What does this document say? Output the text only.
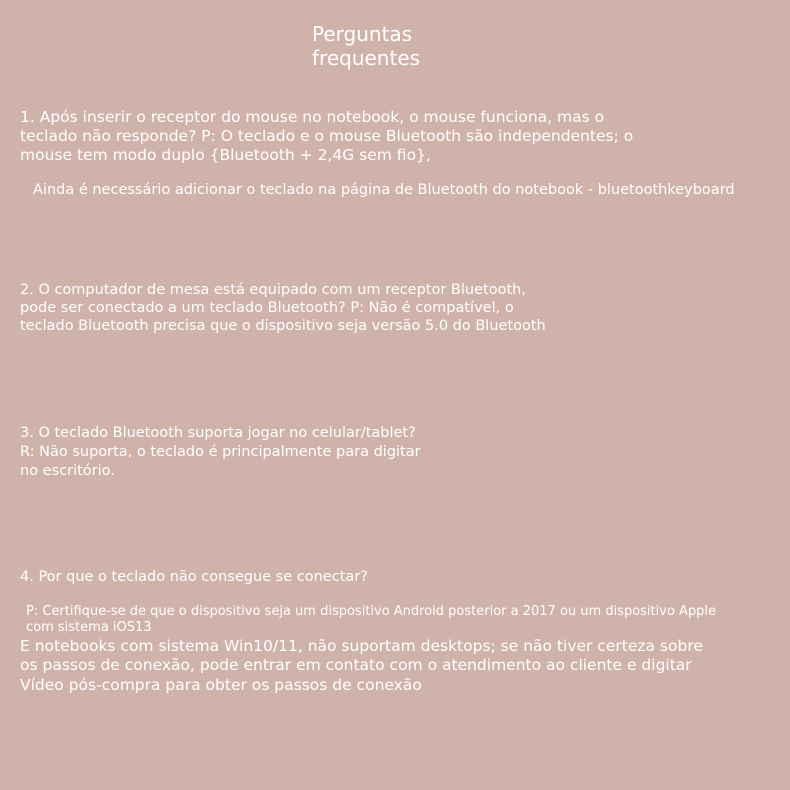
Perguntas
frequentes

1. Após inserir o receptor do mouse no notebook, o mouse funciona, mas o

teclado não responde? P: O teclado e o mouse Bluetooth são independentes; o

mouse tem modo duplo {Bluetooth + 2,4G sem fio},

Ainda é necessário adicionar o teclado na página de Bluetooth do notebook - bluetoothkeyboard

2. O computador de mesa está equipado com um receptor Bluetooth,

pode ser conectado a um teclado Bluetooth? P: Não é compatível, o

teclado Bluetooth precisa que o dispositivo seja versão 5.0 do Bluetooth

3. O teclado Bluetooth suporta jogar no celular/tablet?

R: Não suporta, o teclado é principalmente para digitar

no escritório.

4. Por que o teclado não consegue se conectar?

P: Certifique-se de que o dispositivo seja um dispositivo Android posterior a 2017 ou um dispositivo Apple

com sistema iOS13

E notebooks com sistema Win10/11, não suportam desktops; se não tiver certeza sobre

os passos de conexão, pode entrar em contato com o atendimento ao cliente e digitar

Vídeo pós-compra para obter os passos de conexão
